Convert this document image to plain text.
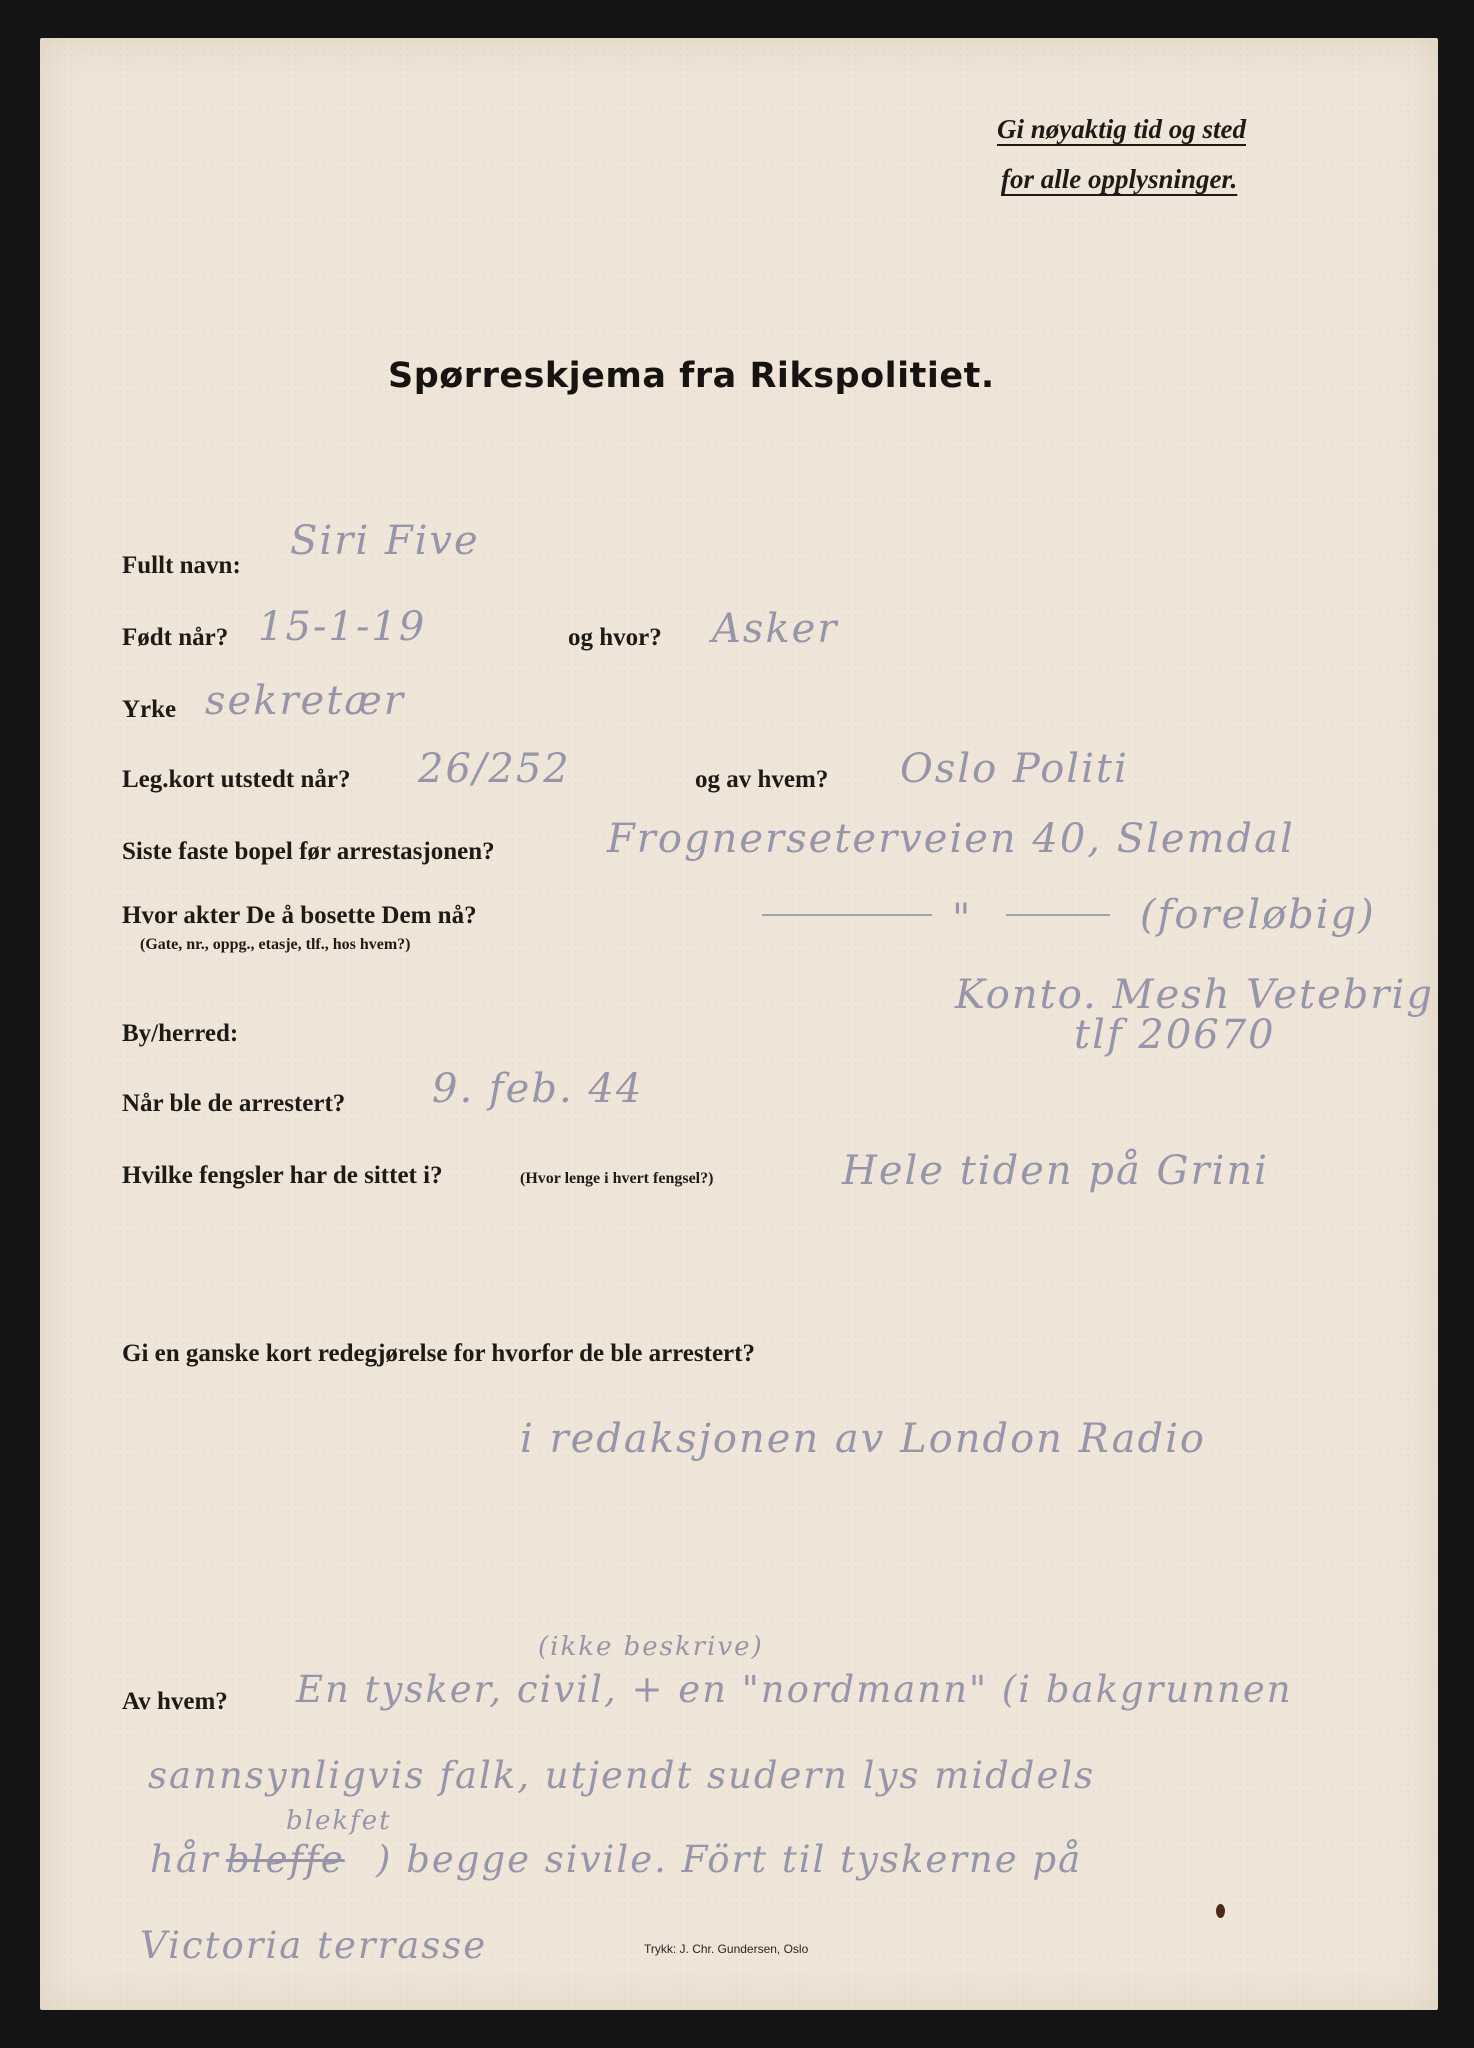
Gi nøyaktig tid og sted
for alle opplysninger.
Spørreskjema fra Rikspolitiet.
Fullt navn:
Siri Five
Født når? 15-1-19	og hvor? Asker
Yrke sekretær
Leg.kort utstedt når? 26/252	og av hvem? Oslo Politi
Siste faste bopel før arrestasjonen?	Frognerseterveien 40, Slemdal
Hvor akter De å bosette Dem nå?
(Gate, nr., oppg., etasje, tlf., hos hvem?)
"	(foreløbig)
Konto. Mesh Vetebrig
By/herred:	tlf 20670
Når ble de arrestert? 9. feb. 44
Hvilke fengsler har de sittet i?	(Hvor lenge i hvert fengsel?)	Hele tiden på Grini
Gi en ganske kort redegjørelse for hvorfor de ble arrestert?
i redaksjonen av London Radio
(ikke beskrive)
Av hvem? En tysker, civil, + en "nordmann" (i bakgrunnen
sannsynligvis falk, utjendt sudern lys middels
hår bleffe
blekfet
) begge sivile. Fört til tyskerne på
Victoria terrasse	Trykk: J. Chr. Gundersen, Oslo
